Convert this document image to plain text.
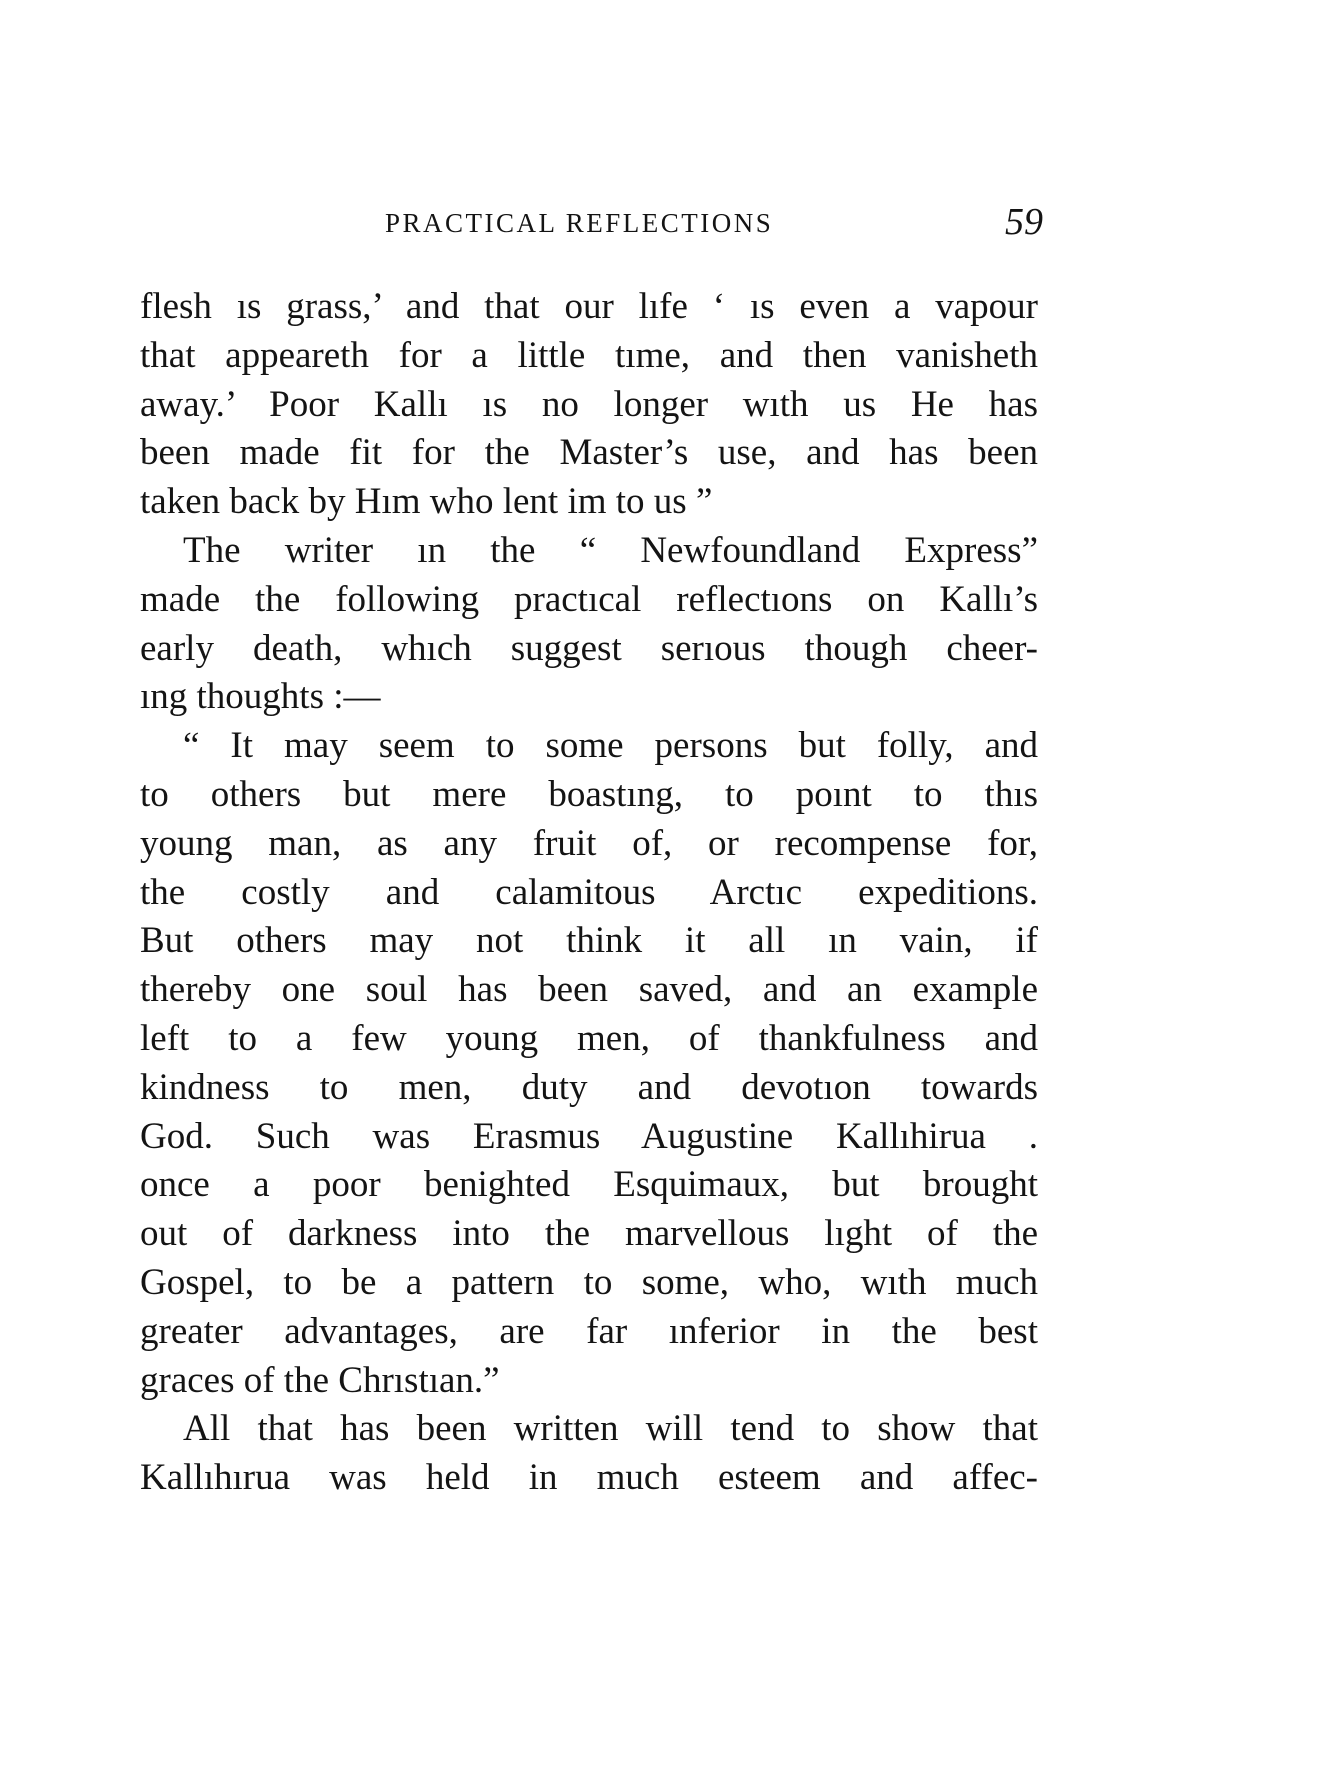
PRACTICAL REFLECTIONS	59
flesh ıs grass,’ and that our lıfe ‘ ıs even a vapour
that appeareth for a little tıme, and then vanisheth
away.’ Poor Kallı ıs no longer wıth us He has
been made fit for the Master’s use, and has been
taken back by Hım who lent im to us ”
The writer ın the “ Newfoundland Express”
made the following practıcal reflectıons on Kallı’s
early death, whıch suggest serıous though cheer-
ıng thoughts :—
“ It may seem to some persons but folly, and
to others but mere boastıng, to poınt to thıs
young man, as any fruit of, or recompense for,
the costly and calamitous Arctıc expeditions.
But others may not think it all ın vain, if
thereby one soul has been saved, and an example
left to a few young men, of thankfulness and
kindness to men, duty and devotıon towards
God. Such was Erasmus Augustine Kallıhirua .
once a poor benighted Esquimaux, but brought
out of darkness into the marvellous lıght of the
Gospel, to be a pattern to some, who, wıth much
greater advantages, are far ınferior in the best
graces of the Chrıstıan.”
All that has been written will tend to show that
Kallıhırua was held in much esteem and affec-
